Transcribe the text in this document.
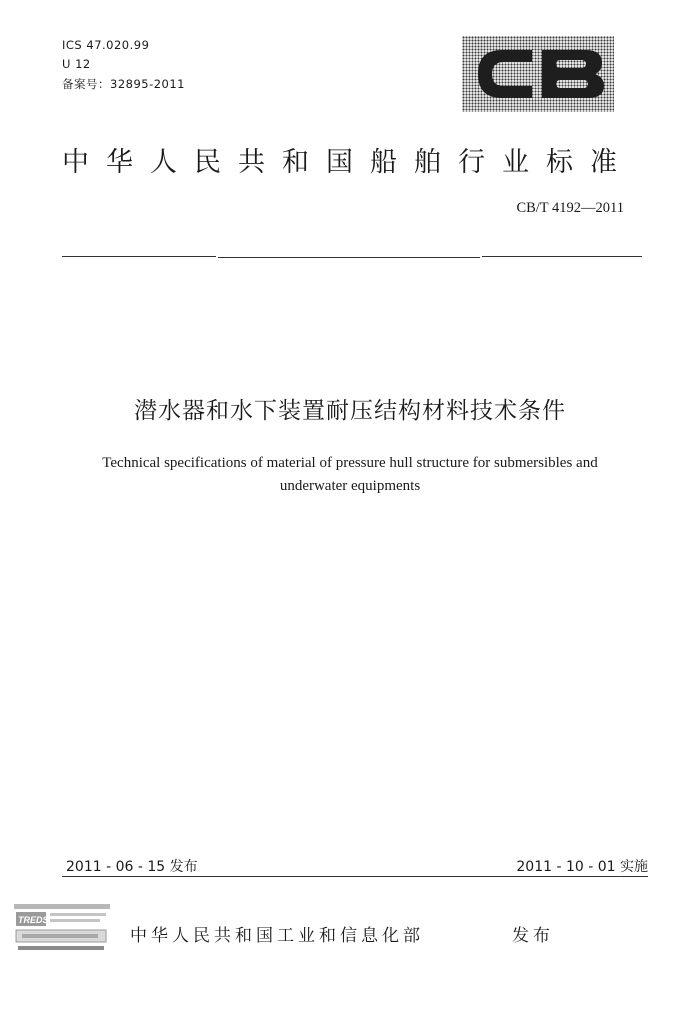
ICS 47.020.99
U 12
备案号：32895-2011
中华人民共和国船舶行业标准
CB/T 4192—2011
潜水器和水下装置耐压结构材料技术条件
Technical specifications of material of pressure hull structure for submersibles and
underwater equipments
2011 - 06 - 15 发布	2011 - 10 - 01 实施
TREDS
中华人民共和国工业和信息化部	发布
